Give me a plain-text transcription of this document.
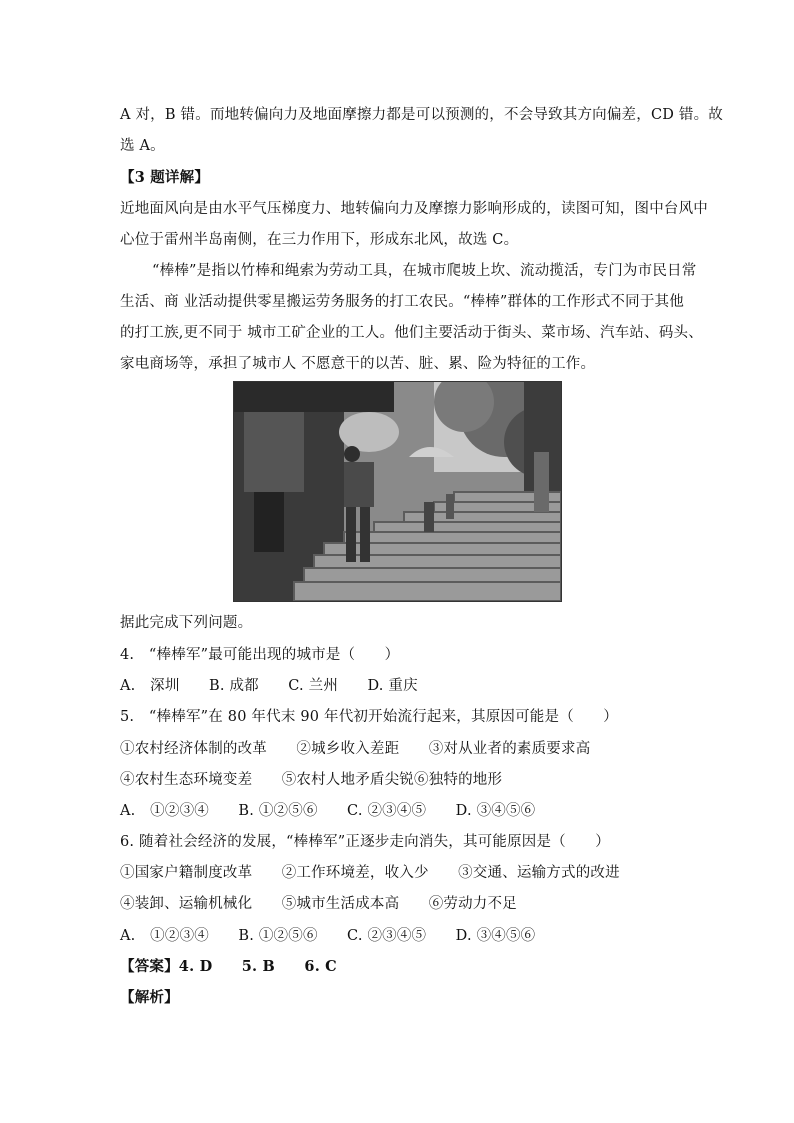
A 对，B 错。而地转偏向力及地面摩擦力都是可以预测的，不会导致其方向偏差，CD 错。故
选 A。
【3 题详解】
近地面风向是由水平气压梯度力、地转偏向力及摩擦力影响形成的，读图可知，图中台风中
心位于雷州半岛南侧，在三力作用下，形成东北风，故选 C。
“棒棒”是指以竹棒和绳索为劳动工具，在城市爬坡上坎、流动揽活，专门为市民日常
生活、商 业活动提供零星搬运劳务服务的打工农民。“棒棒”群体的工作形式不同于其他
的打工族,更不同于 城市工矿企业的工人。他们主要活动于街头、菜市场、汽车站、码头、
家电商场等，承担了城市人 不愿意干的以苦、脏、累、险为特征的工作。
据此完成下列问题。
4.　“棒棒军”最可能出现的城市是（　　）
A.　深圳　　B. 成都　　C. 兰州　　D. 重庆
5.　“棒棒军”在 80 年代末 90 年代初开始流行起来，其原因可能是（　　）
①农村经济体制的改革　　②城乡收入差距　　③对从业者的素质要求高
④农村生态环境变差　　⑤农村人地矛盾尖锐⑥独特的地形
A.　①②③④　　B. ①②⑤⑥　　C. ②③④⑤　　D. ③④⑤⑥
6. 随着社会经济的发展，“棒棒军”正逐步走向消失，其可能原因是（　　）
①国家户籍制度改革　　②工作环境差，收入少　　③交通、运输方式的改进
④装卸、运输机械化　　⑤城市生活成本高　　⑥劳动力不足
A.　①②③④　　B. ①②⑤⑥　　C. ②③④⑤　　D. ③④⑤⑥
【答案】4. D　　5. B　　6. C
【解析】
